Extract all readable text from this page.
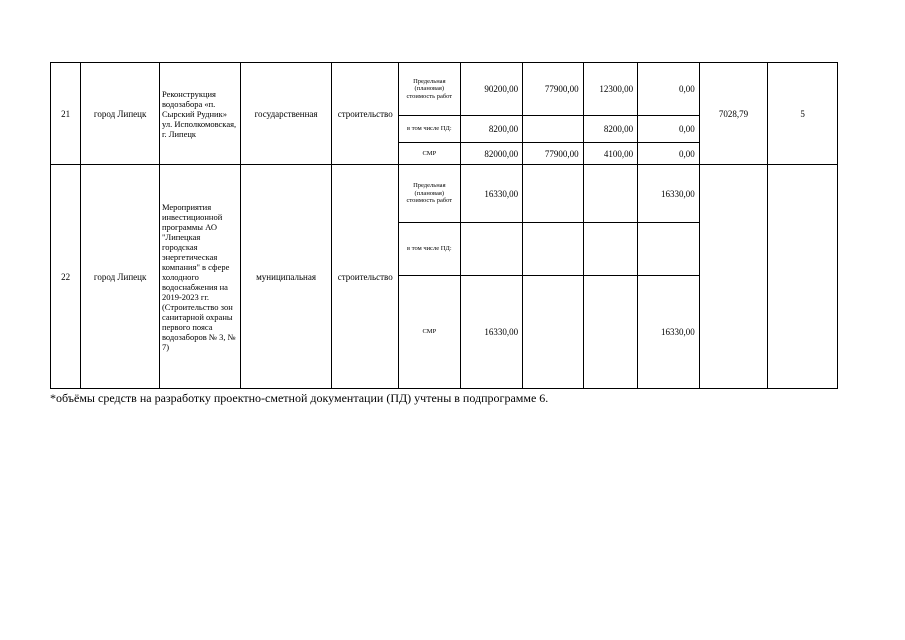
21	город Липецк	Реконструкция водозабора «п. Сырский Рудник» ул. Исполкомовская, г. Липецк	государственная	строительство	Предельная (плановая) стоимость работ	90200,00	77900,00	12300,00	0,00	7028,79	5
					в том числе ПД:	8200,00		8200,00	0,00		
					СМР	82000,00	77900,00	4100,00	0,00		
22	город Липецк	Мероприятия инвестиционной программы АО "Липецкая городская энергетическая компания" в сфере холодного водоснабжения на 2019-2023 гг. (Строительство зон санитарной охраны первого пояса водозаборов № 3, № 7)	муниципальная	строительство	Предельная (плановая) стоимость работ	16330,00			16330,00		
					в том числе ПД:						
					СМР	16330,00			16330,00		
*объёмы средств на разработку проектно-сметной документации (ПД) учтены в подпрограмме 6.
